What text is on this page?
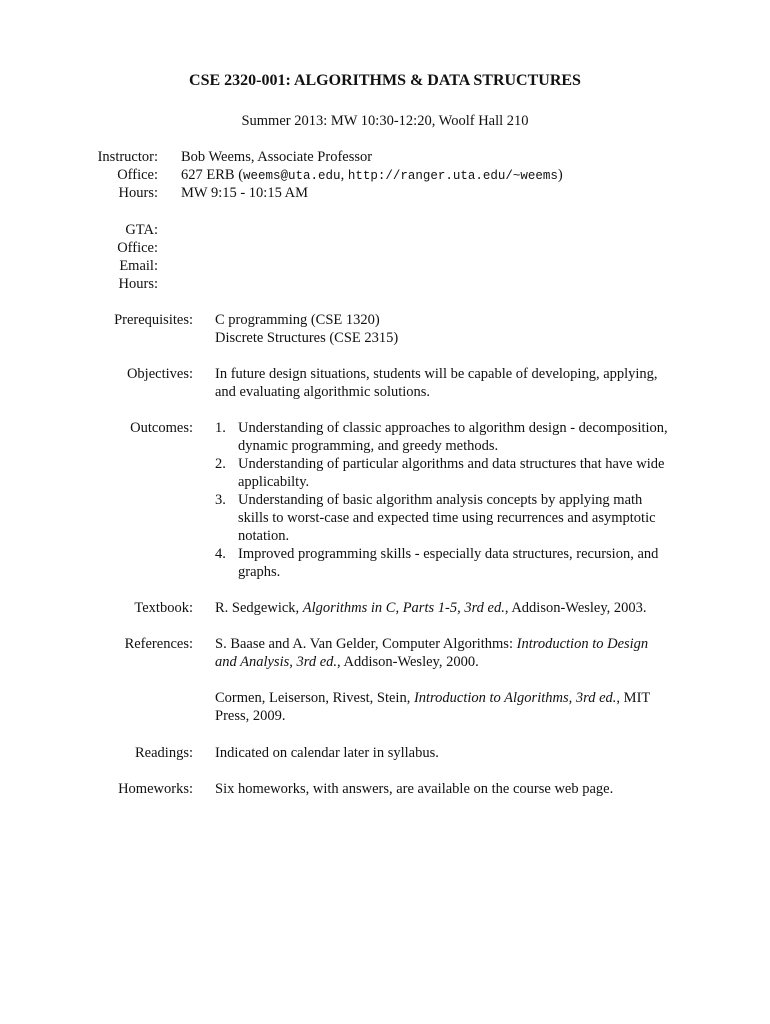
CSE 2320-001: ALGORITHMS & DATA STRUCTURES
Summer 2013: MW 10:30-12:20, Woolf Hall 210
Instructor: Bob Weems, Associate Professor
Office: 627 ERB (weems@uta.edu, http://ranger.uta.edu/~weems)
Hours: MW 9:15 - 10:15 AM
GTA:
Office:
Email:
Hours:
Prerequisites: C programming (CSE 1320)
Discrete Structures (CSE 2315)
Objectives: In future design situations, students will be capable of developing, applying,
and evaluating algorithmic solutions.
Outcomes: 1. Understanding of classic approaches to algorithm design - decomposition,
dynamic programming, and greedy methods.
2. Understanding of particular algorithms and data structures that have wide
applicabilty.
3. Understanding of basic algorithm analysis concepts by applying math
skills to worst-case and expected time using recurrences and asymptotic
notation.
4. Improved programming skills - especially data structures, recursion, and
graphs.
Textbook: R. Sedgewick, Algorithms in C, Parts 1-5, 3rd ed., Addison-Wesley, 2003.
References: S. Baase and A. Van Gelder, Computer Algorithms: Introduction to Design
and Analysis, 3rd ed., Addison-Wesley, 2000.
Cormen, Leiserson, Rivest, Stein, Introduction to Algorithms, 3rd ed., MIT
Press, 2009.
Readings: Indicated on calendar later in syllabus.
Homeworks: Six homeworks, with answers, are available on the course web page.
